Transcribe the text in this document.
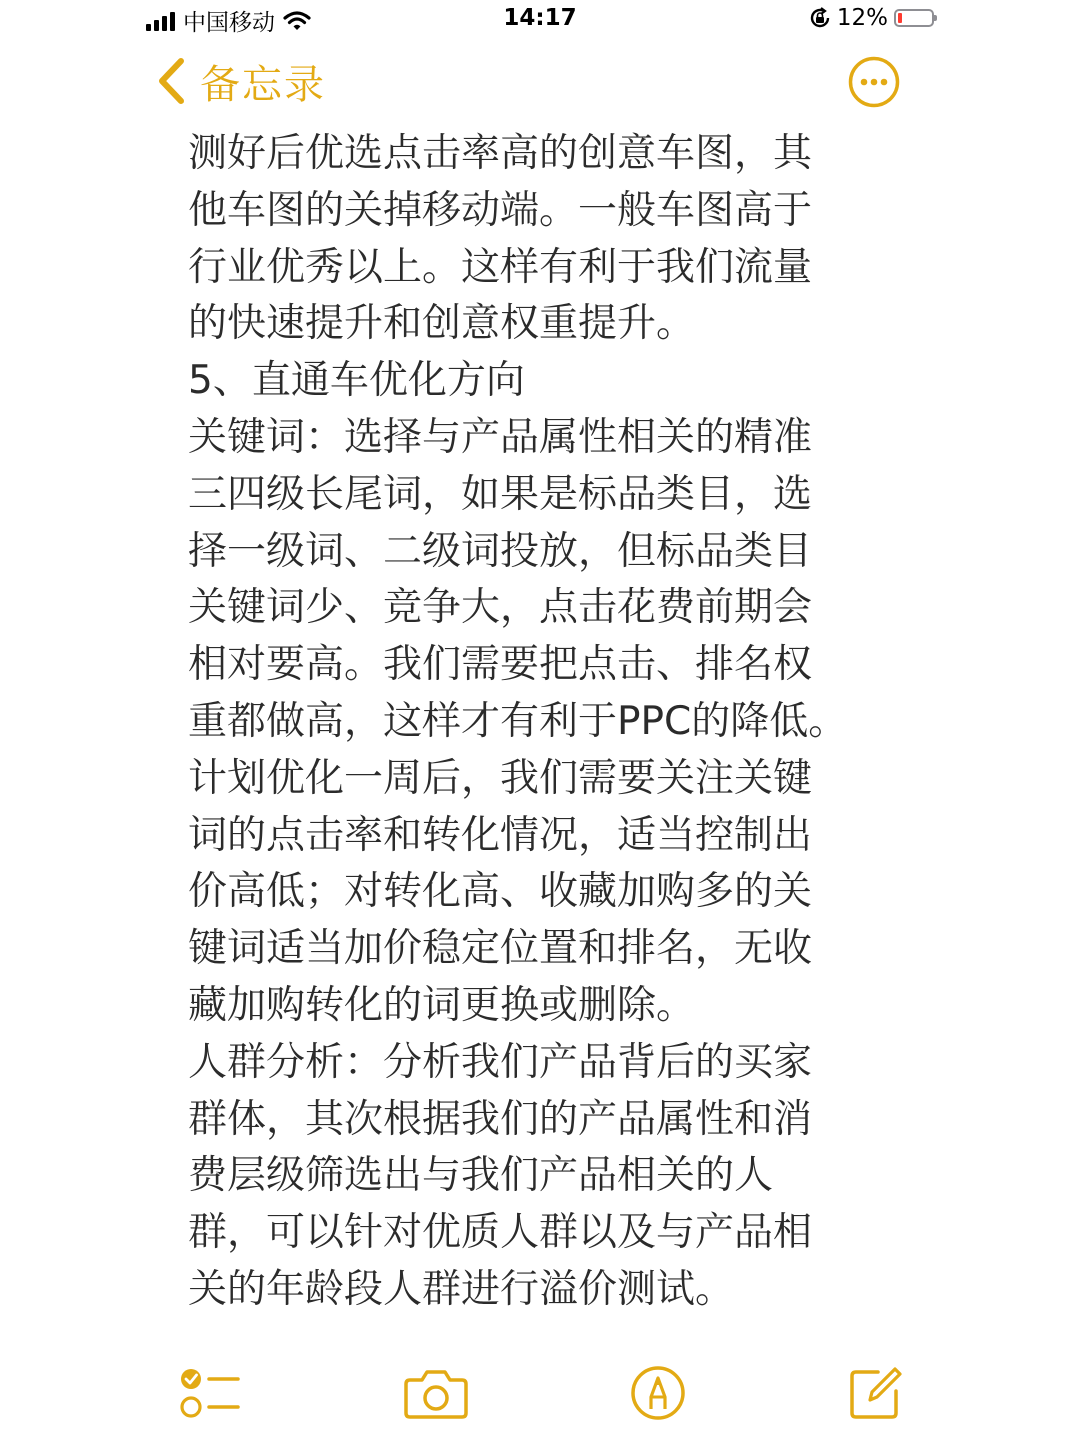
中国移动	14:17	12%
备忘录
测好后优选点击率高的创意车图，其
他车图的关掉移动端。一般车图高于
行业优秀以上。这样有利于我们流量
的快速提升和创意权重提升。
5、直通车优化方向
关键词：选择与产品属性相关的精准
三四级长尾词，如果是标品类目，选
择一级词、二级词投放，但标品类目
关键词少、竞争大，点击花费前期会
相对要高。我们需要把点击、排名权
重都做高，这样才有利于PPC的降低。
计划优化一周后，我们需要关注关键
词的点击率和转化情况，适当控制出
价高低；对转化高、收藏加购多的关
键词适当加价稳定位置和排名，无收
藏加购转化的词更换或删除。
人群分析：分析我们产品背后的买家
群体，其次根据我们的产品属性和消
费层级筛选出与我们产品相关的人
群，可以针对优质人群以及与产品相
关的年龄段人群进行溢价测试。
